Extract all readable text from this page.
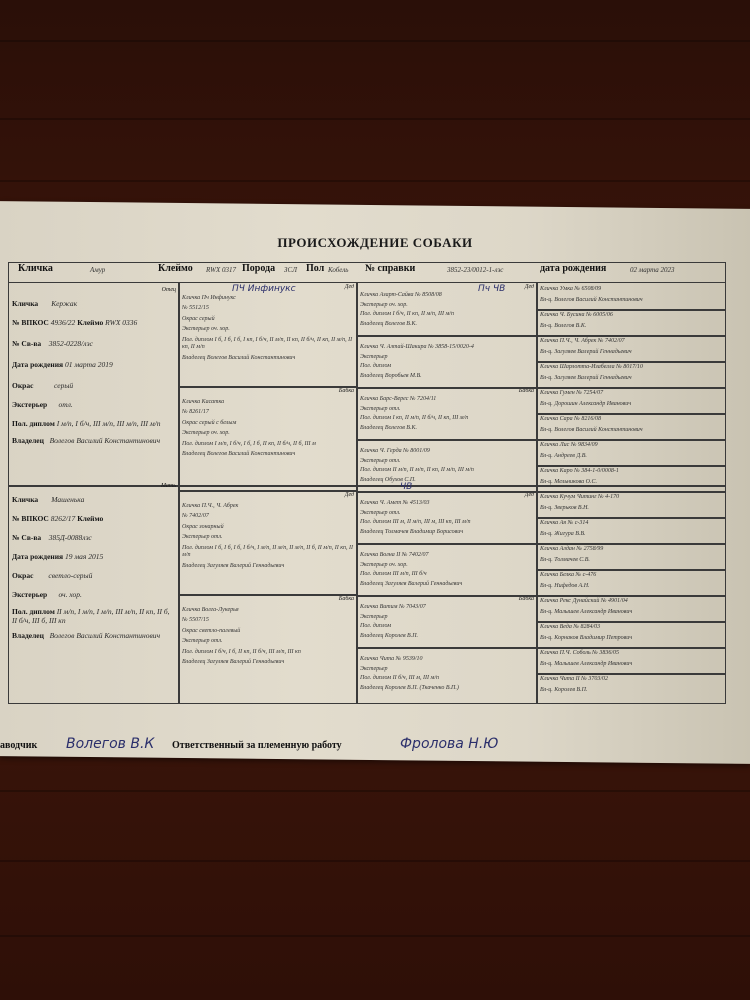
ПРОИСХОЖДЕНИЕ СОБАКИ
Кличка	Амур	Клеймо RWX 0317 Порода ЗСЛ Пол Кобель № справки	3852-23/0012-1-лзс	дата рождения	02 марта 2023
Отец
Кличка Кержак
№ ВПКОС 4936/22 Клеймо RWX 0336
№ Св-ва 3852-0228/лзс
Дата рождения 01 марта 2019
Окрас	серый
Экстерьер отл.
Пол. диплом I м/п, I б/ч, III м/п, III м/п, III м/п
Владелец Волегов Василий Константинович
Мать
Кличка Машенька
№ ВПКОС 8262/17 Клеймо
№ Св-ва 385Д-0088лзс
Дата рождения 19 мая 2015
Окрас светло-серый
Экстерьер оч. хор.
Пол. диплом II м/п, I м/п, I м/п, III м/п, II кп, II б, II б/ч, III б, III кп
Владелец Волегов Василий Константинович
Дед
Кличка Пч Инфинукс
№ 5512/15
Окрас серый
Экстерьер оч. хор.
Пол. диплом I б, I б, I б, I кп, I б/ч, II м/п, II кп, II б/ч, II кп, II м/п, II кп, II м/п
Владелец Волегов Василий Константинович
Бабка
Кличка Касатка
№ 8261/17
Окрас серый с белым
Экстерьер оч. хор.
Пол. диплом I м/п, I б/ч, I б, I б, II кп, II б/ч, II б, III м
Владелец Волегов Василий Константинович
Дед
Кличка П.Ч., Ч. Абрек
№ 7402/07
Окрас зонарный
Экстерьер отл.
Пол. диплом I б, I б, I б, I б/ч, I м/п, II м/п, II м/п, II б, II м/п, II кп, II м/п
Владелец Загуляев Валерий Геннадьевич
Бабка
Кличка Волга-Лукерья
№ 5507/15
Окрас светло-палевый
Экстерьер отл.
Пол. диплом I б/ч, I б, II кп, II б/ч, III м/п, III кп
Владелец Загуляев Валерий Геннадьевич
Дед
Кличка Азарт-Сайва № 8508/08
Экстерьер оч. хор.
Пол. диплом I б/ч, II кп, II м/п, III м/п
Владелец Волегов В.К.
Кличка Ч. Алтай-Шакира № 3858-15/0020-4
Экстерьер
Пол. диплом
Владелец Воробьев М.В.
Бабка
Кличка Барс-Верес № 7204/11
Экстерьер отл.
Пол. диплом I кп, II м/п, II б/ч, II кп, III м/п
Владелец Волегов В.К.
Кличка Ч. Герда № 8001/09
Экстерьер отл.
Пол. диплом II м/п, II м/п, II кп, II м/п, III м/п
Владелец Обухов С.П.
Дед
Кличка Ч. Амет № 4513/03
Экстерьер отл.
Пол. диплом III м, II м/п, III м, III кп, III м/п
Владелец Толмачев Владимир Борисович
Кличка Волна II № 7402/07
Экстерьер оч. хор.
Пол. диплом III м/п, III б/ч
Владелец Загуляев Валерий Геннадьевич
Бабка
Кличка Витим № 7043/07
Экстерьер
Пол. диплом
Владелец Королев В.П.
Кличка Чита № 9539/10
Экстерьер
Пол. диплом II б/ч, III м, III м/п
Владелец Королев В.П. (Ткаченко В.П.)
Кличка Умка № 6508/09
Вл-ц. Волегов Василий Константинович
Кличка Ч. Бусина № 6005/06
Вл-ц. Волегов В.К.
Кличка П.Ч., Ч. Абрек № 7402/07
Вл-ц. Загуляев Валерий Геннадьевич
Кличка Шарлотта-Изабелла № 8017/10
Вл-ц. Загуляев Валерий Геннадьевич
Кличка Гумен № 7254/07
Вл-ц. Дорошин Александр Иванович
Кличка Сара № 8216/08
Вл-ц. Волегов Василий Константинович
Кличка Лис № 9834/09
Вл-ц. Андреев Д.В.
Кличка Каро № 384-1-0/0008-1
Вл-ц. Мельникова О.С.
Кличка Кучум Читинг № 4-170
Вл-ц. Зверьков В.Н.
Кличка Ая № с-314
Вл-ц. Жигура В.В.
Кличка Алдан № 2758/99
Вл-ц. Толмачев С.В.
Кличка Белка № с-476
Вл-ц. Нифедов А.Н.
Кличка Рекс Дунайский № 4901/04
Вл-ц. Малышев Александр Иванович
Кличка Веда № 8284/03
Вл-ц. Корнаков Владимир Петрович
Кличка П.Ч. Соболь № 3836/05
Вл-ц. Малышев Александр Иванович
Кличка Чита II № 3703/02
Вл-ц. Королев В.П.
ПЧ Инфинукс	Пч ЧВ
ЧВ
аводчик Волегов В.К Ответственный за племенную работу	Фролова Н.Ю
